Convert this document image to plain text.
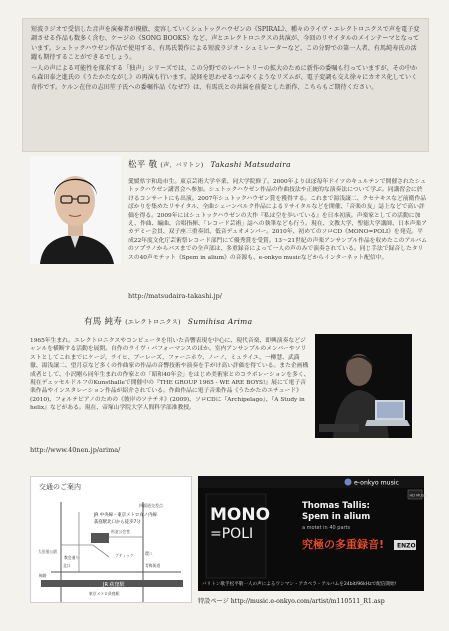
短波ラジオで受信した音声を演奏者が模倣、変容していくシュトックハウゼンの《SPIRAL》、種々のライヴ・エレクトロニクスで声を電子変調させる作品も数多く含む、ケージの《SONG BOOKS》など、声とエレクトロニクスの共演が、今回のリサイタルのメインテーマとなっています。シュトックハウゼン作品で使用する、有馬氏製作による短波ラジオ・シュミレーターなど、この分野での第一人者、有馬純寿氏の活躍も期待することができるでしょう。

一人の声による可能性を探求する「独声」シリーズでは、この分野でのレパートリーの拡大のために新作の委嘱も行っていますが、その中から森田泰之進氏の《うたかたながし》の再演も行います。読経を思わせるつぶやくようなリズムが、電子変調も交え徐々にカオス化していく奇作です。ケルン在住の志田笙子氏への委嘱作品《なぜ?》は、有馬氏との共演を前提とした新作、こちらもご期待ください。

松平 敬 (声、バリトン) Takashi Matsudaira
愛媛県宇和島市生。東京芸術大学卒業、同大学院修了。2000年よりほぼ毎年ドイツのキュルテンで開催されたシュトックハウゼン講習会へ参加。シュトックハウゼン作品の作曲技法や正統的な演奏法について学ぶ。同講習会に於けるコンサートにも出演。2007年シュトックハウゼン賞を獲得する。これまで湯浅譲二、クセナキスなど前衛作品ばかりを集めたリサイタル、全曲シェーンベルク作品によるリサイタルなどを開催、「音楽の友」誌上などで高い評価を得る。2009年にはシュトックハウゼンの大作『私は空を歩いている』を日本初演。声楽家としての活動に加え、作曲、編曲、合唱指揮、「レコード芸術」誌への執筆なども行う。現在、文教大学、聖徳大学講師、日本声楽アカデミー会員、双子座三重奏団、低音デュオメンバー。2010年、初めてのソロCD《MONO=POLI》を発売。平成22年度文化庁芸術祭レコード部門にて優秀賞を受賞。13〜21世紀の声楽アンサンブル作品を収めたこのアルバムのソプラノからバスまでの全声部は、多重録音によって一人の声のみで演奏されている。同じ手法で録音したタリスの40声モテット《Spem in alium》の音源も、e-onkyo musicなどからインターネット配信中。
http://matsudaira-takashi.jp/
有馬 純寿 (エレクトロニクス) Sumihisa Arima
1965年生まれ。エレクトロニクスやコンピュータを用いた音響表現を中心に、現代音楽、即興演奏などジャンルを横断する活動を展開。自作のライヴ・パフォーマンスのほか、室内アンサンブルのメンバーやソリストとしてこれまでにケージ、ライヒ、ブーレーズ、ファーニホウ、ノーノ、ミュライユ、一柳慧、武満徹、湯浅譲二、望月京など多くの作曲家の作品の音響技術や演奏を手がけ高い評価を得ている。また企画構成者として、小沢剛ら同年生まれの作家との「昭和40年会」をはじめ美術家とのコラボレーションを多く、現在デュッセルドルフのKunsthalleで開催中の『THE GROUP 1965 - WE ARE BOYS!』展にて電子音楽作品やインスタレーション作品が紹介されている。作曲作品に電子音楽作品《うたかたのエチュード》(2010)、フォルテピアノのための《彼岸のソナチネ》(2009)、ソロCDに『Archipelago』、『A Study in helix』などがある。現在、帝塚山学院大学人間科学部准教授。
http://www.40nen.jp/arima/
交通のご案内
四面道交差点
JR 中央線・東京メトロ丸ノ内線
荻窪駅北口から徒歩7分
杉並公会堂
環八
ブティック
青梅街道
北口
大田黒公園
教会通り
JR 荻窪駅
線路
東京メトロ荻窪駅
e-onkyo music
HD MUSIC
MONO
=POLI
Thomas Tallis:
Spem in alium
a motet in 40 parts
究極の多重録音! ENZO
バリトン歌手松平敬一人の声によるワンマン・アカペラ・アルバムを24bit/96kHzで配信開始!
特設ページ http://music.e-onkyo.com/artist/m110511_R1.asp
